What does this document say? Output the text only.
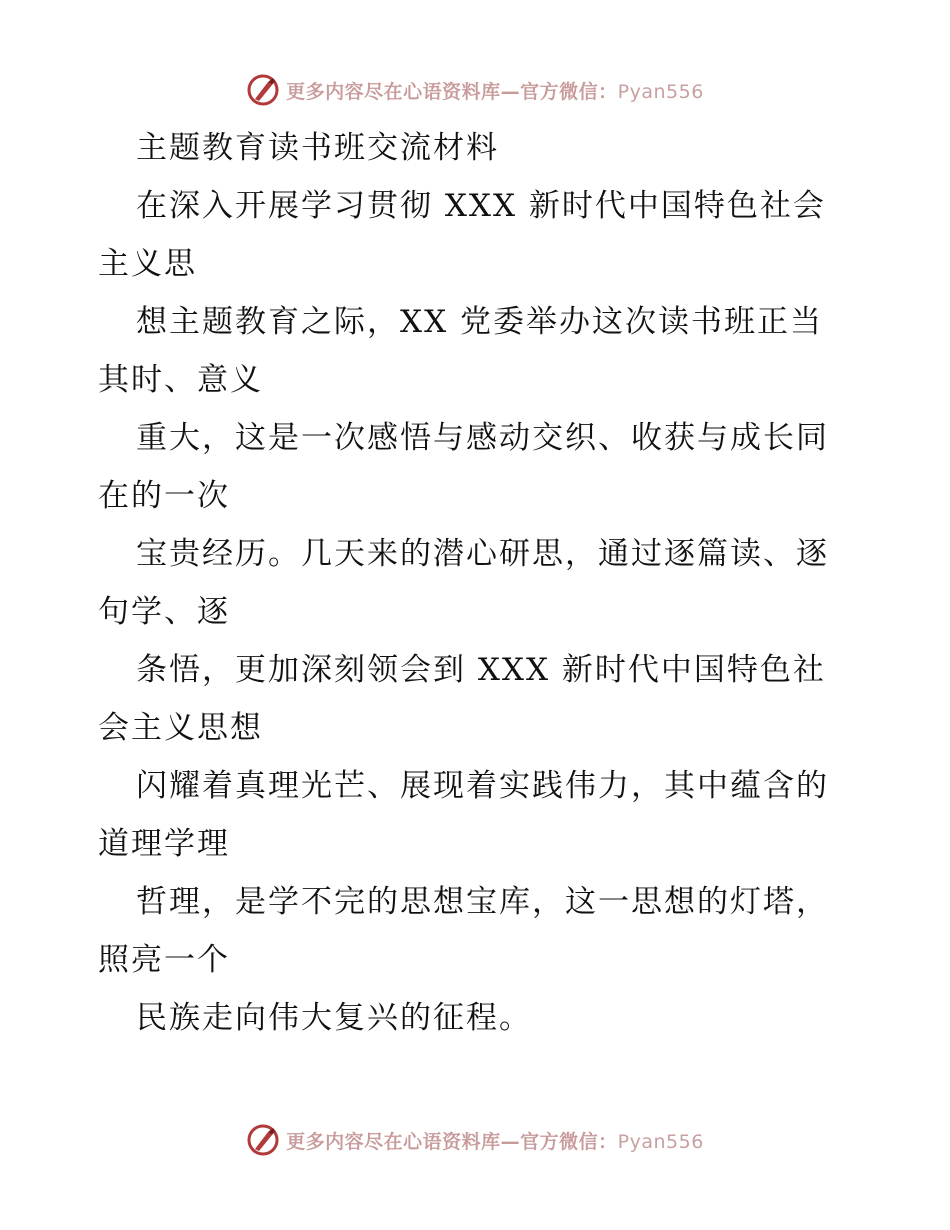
更多内容尽在心语资料库—官方微信：Pyan556
主题教育读书班交流材料
在深入开展学习贯彻 XXX 新时代中国特色社会
主义思
想主题教育之际，XX 党委举办这次读书班正当
其时、意义
重大，这是一次感悟与感动交织、收获与成长同
在的一次
宝贵经历。几天来的潜心研思，通过逐篇读、逐
句学、逐
条悟，更加深刻领会到 XXX 新时代中国特色社
会主义思想
闪耀着真理光芒、展现着实践伟力，其中蕴含的
道理学理
哲理，是学不完的思想宝库，这一思想的灯塔，
照亮一个
民族走向伟大复兴的征程。
更多内容尽在心语资料库—官方微信：Pyan556
